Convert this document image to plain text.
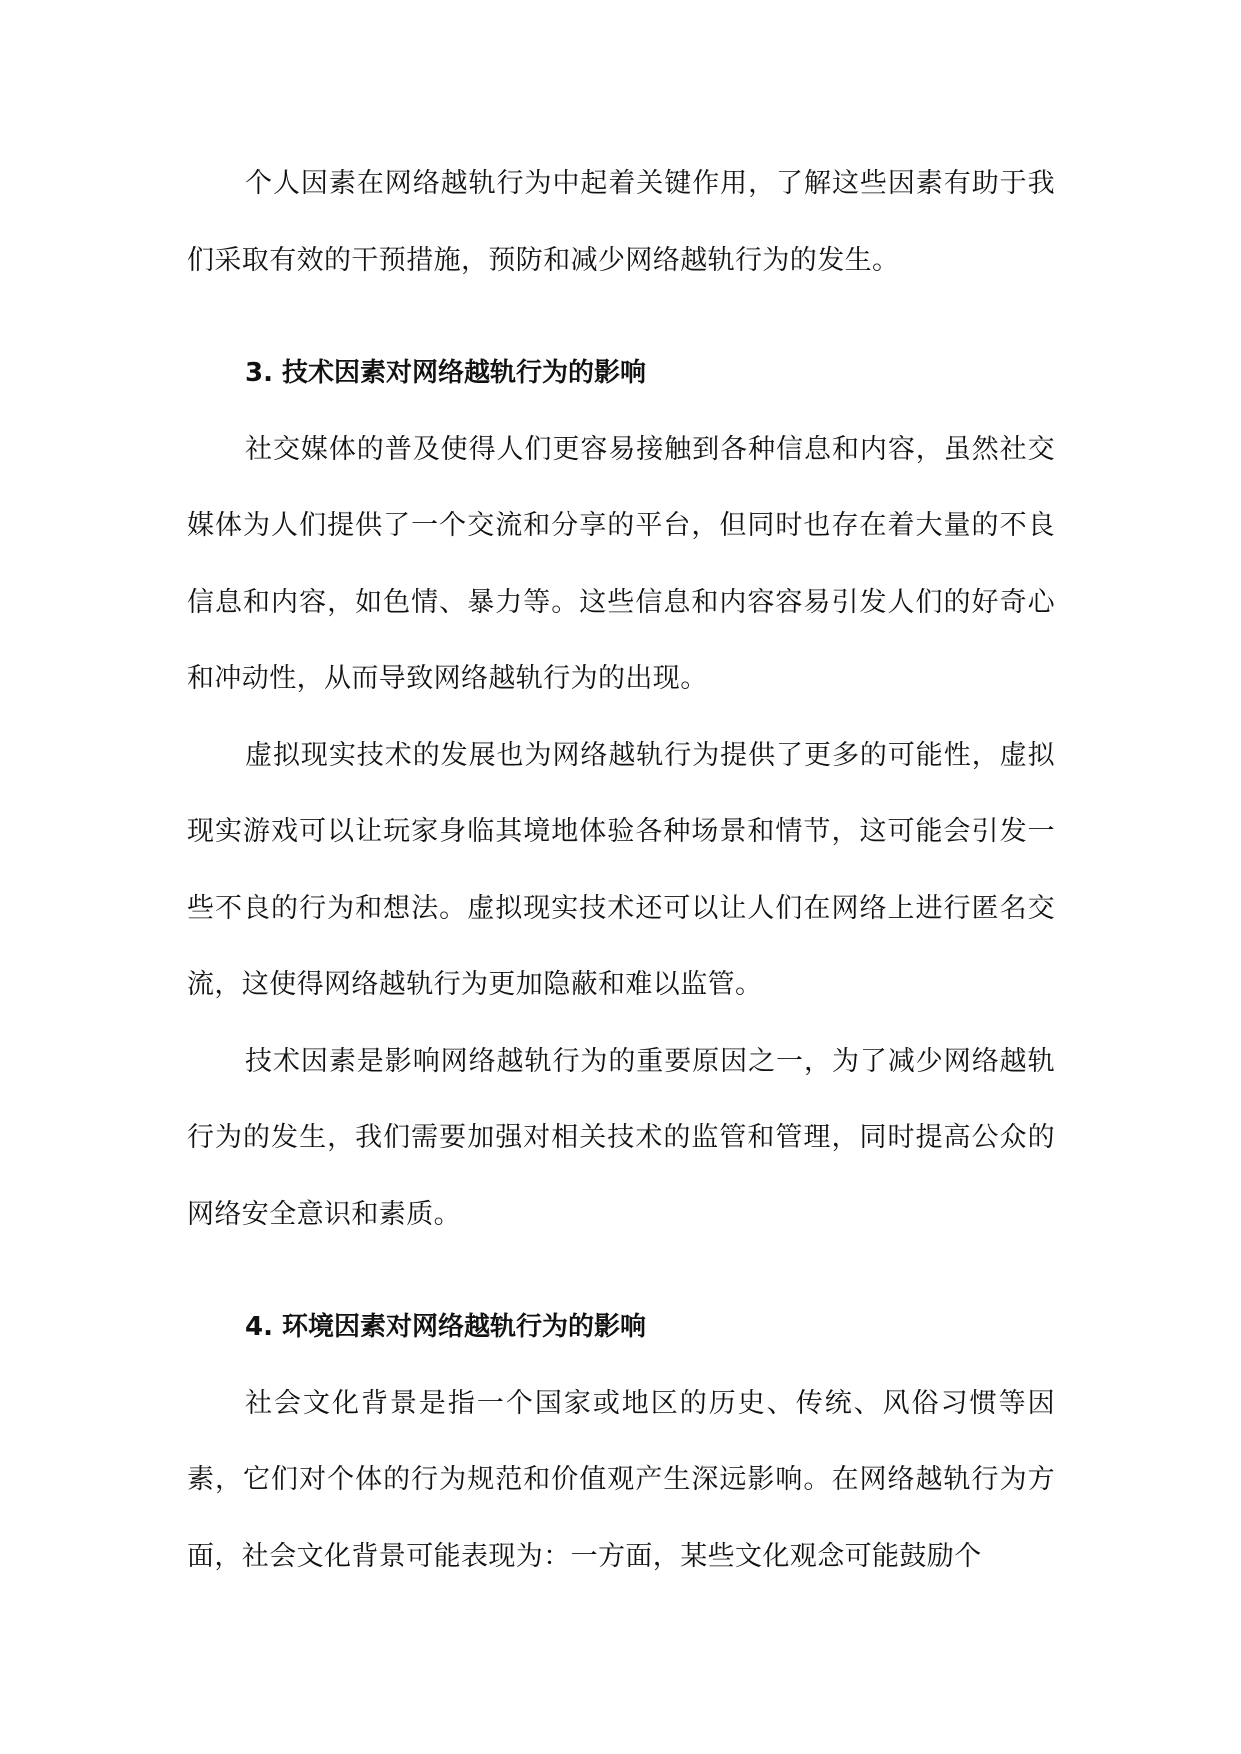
个人因素在网络越轨行为中起着关键作用，了解这些因素有助于我们采取有效的干预措施，预防和减少网络越轨行为的发生。

3. 技术因素对网络越轨行为的影响

社交媒体的普及使得人们更容易接触到各种信息和内容，虽然社交媒体为人们提供了一个交流和分享的平台，但同时也存在着大量的不良信息和内容，如色情、暴力等。这些信息和内容容易引发人们的好奇心和冲动性，从而导致网络越轨行为的出现。

虚拟现实技术的发展也为网络越轨行为提供了更多的可能性，虚拟现实游戏可以让玩家身临其境地体验各种场景和情节，这可能会引发一些不良的行为和想法。虚拟现实技术还可以让人们在网络上进行匿名交流，这使得网络越轨行为更加隐蔽和难以监管。

技术因素是影响网络越轨行为的重要原因之一，为了减少网络越轨行为的发生，我们需要加强对相关技术的监管和管理，同时提高公众的网络安全意识和素质。

4. 环境因素对网络越轨行为的影响

社会文化背景是指一个国家或地区的历史、传统、风俗习惯等因素，它们对个体的行为规范和价值观产生深远影响。在网络越轨行为方面，社会文化背景可能表现为：一方面，某些文化观念可能鼓励个
